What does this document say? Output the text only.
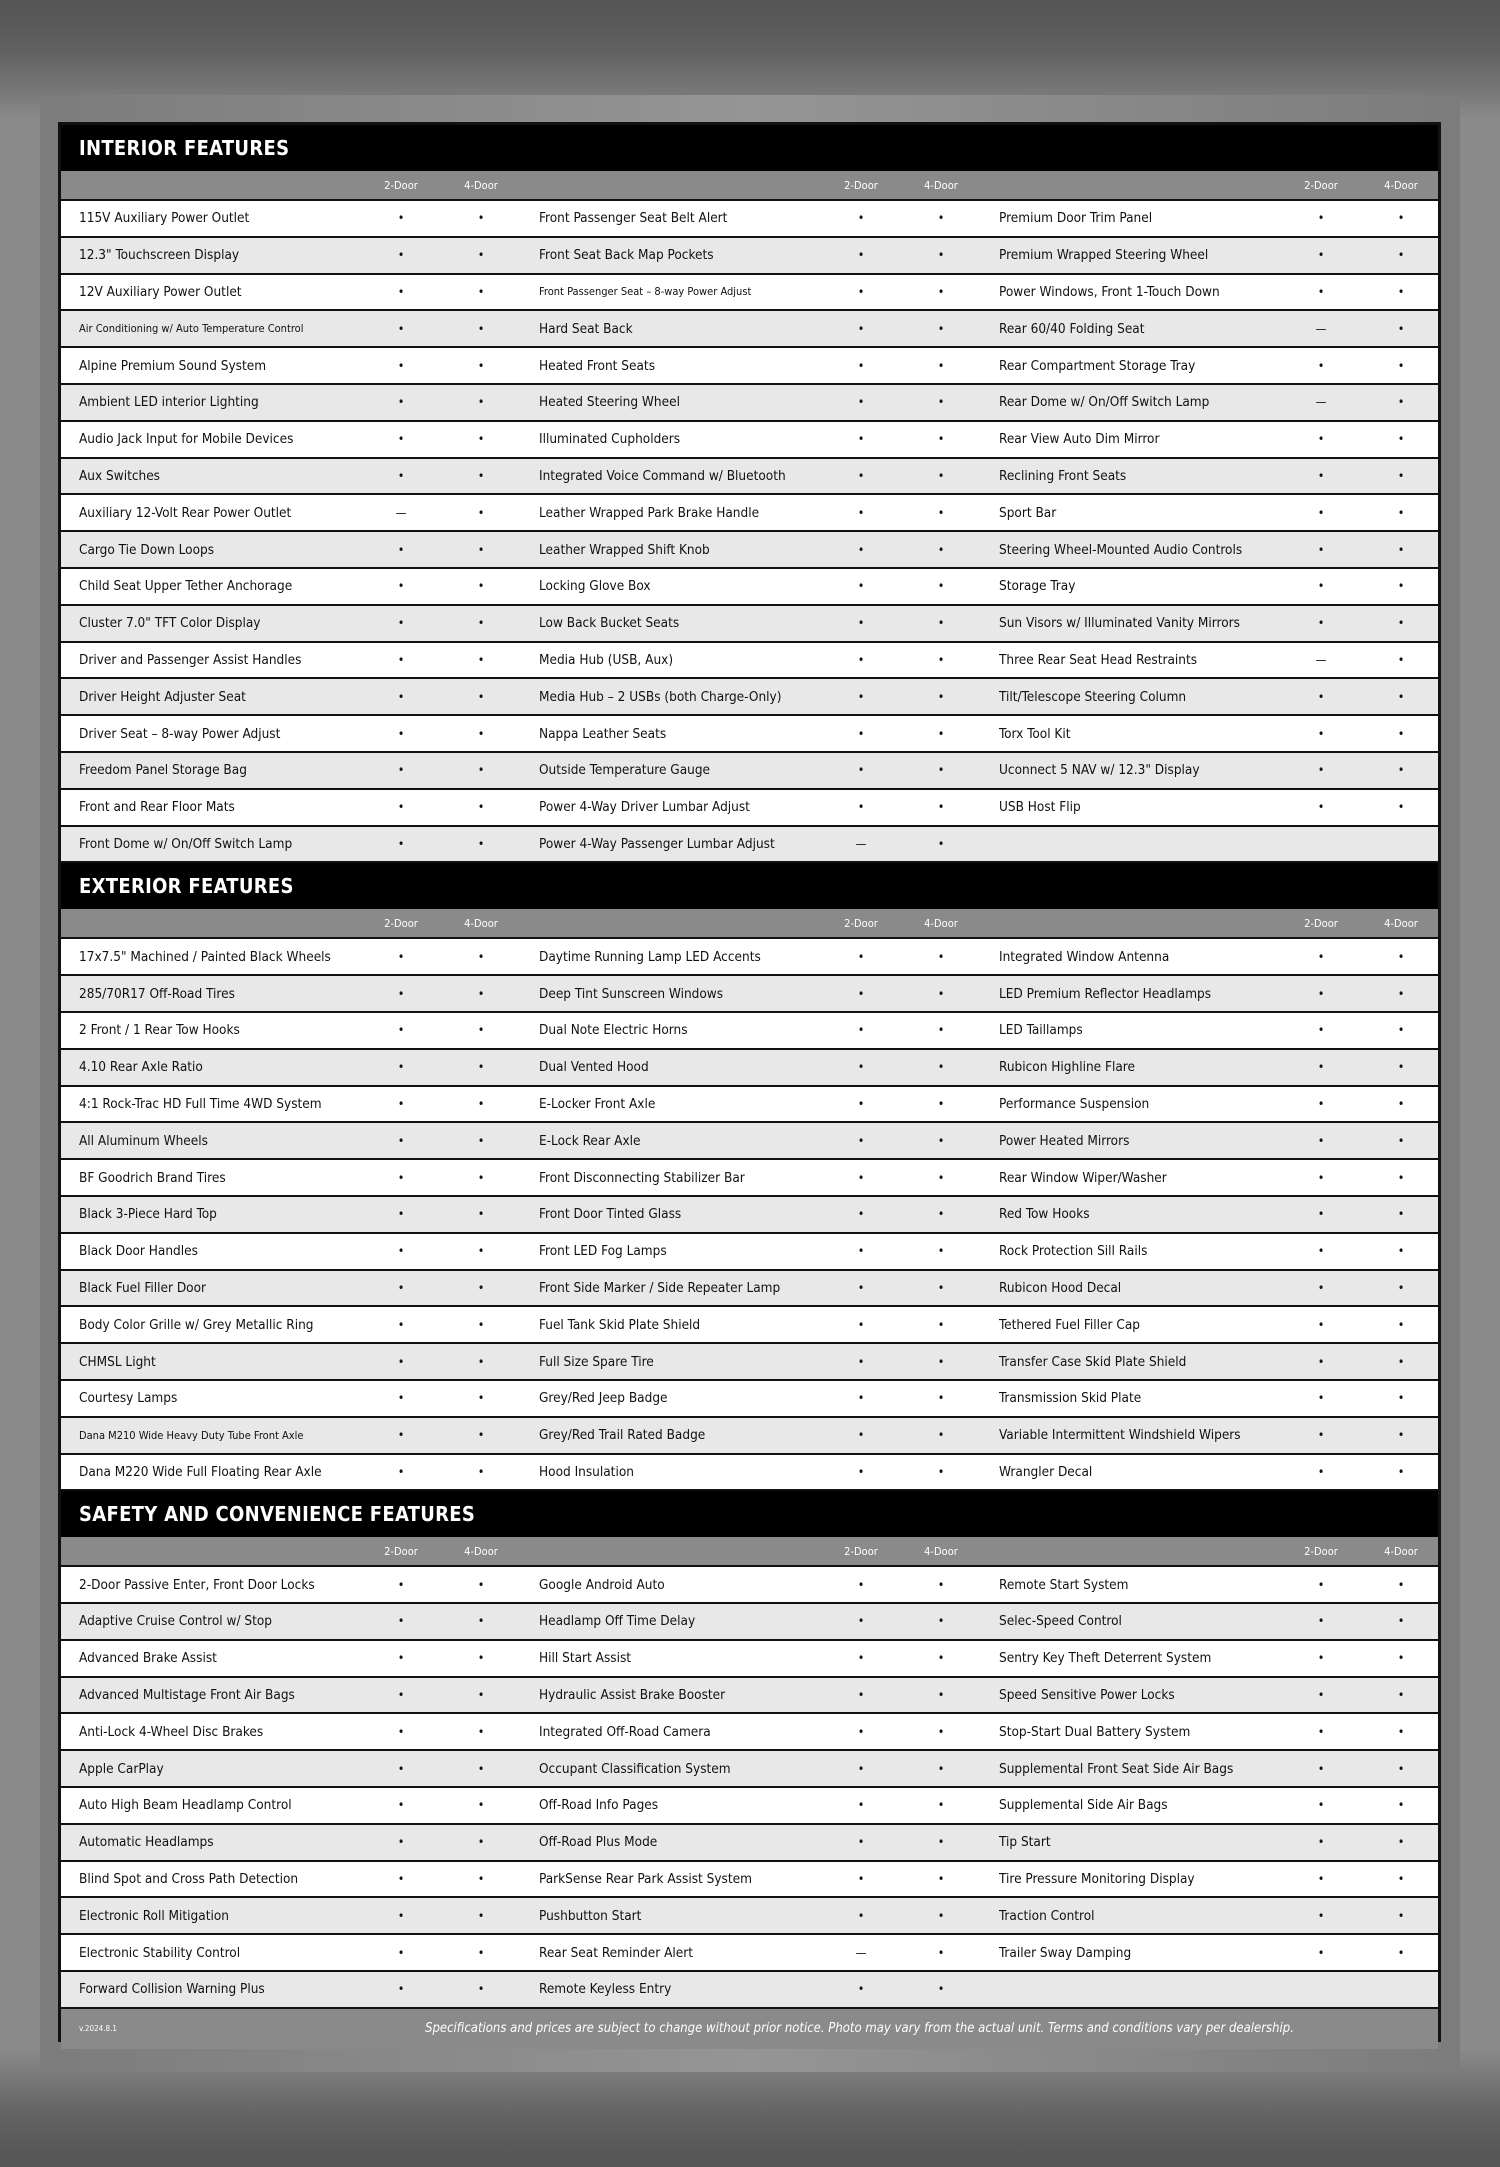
INTERIOR FEATURES
2-Door	4-Door	2-Door	4-Door	2-Door	4-Door
115V Auxiliary Power Outlet	•	•	Front Passenger Seat Belt Alert	•	•	Premium Door Trim Panel	•	•
12.3" Touchscreen Display	•	•	Front Seat Back Map Pockets	•	•	Premium Wrapped Steering Wheel	•	•
12V Auxiliary Power Outlet	•	•	Front Passenger Seat – 8-way Power Adjust	•	•	Power Windows, Front 1-Touch Down	•	•
Air Conditioning w/ Auto Temperature Control	•	•	Hard Seat Back	•	•	Rear 60/40 Folding Seat	—	•
Alpine Premium Sound System	•	•	Heated Front Seats	•	•	Rear Compartment Storage Tray	•	•
Ambient LED interior Lighting	•	•	Heated Steering Wheel	•	•	Rear Dome w/ On/Off Switch Lamp	—	•
Audio Jack Input for Mobile Devices	•	•	Illuminated Cupholders	•	•	Rear View Auto Dim Mirror	•	•
Aux Switches	•	•	Integrated Voice Command w/ Bluetooth	•	•	Reclining Front Seats	•	•
Auxiliary 12-Volt Rear Power Outlet	—	•	Leather Wrapped Park Brake Handle	•	•	Sport Bar	•	•
Cargo Tie Down Loops	•	•	Leather Wrapped Shift Knob	•	•	Steering Wheel-Mounted Audio Controls	•	•
Child Seat Upper Tether Anchorage	•	•	Locking Glove Box	•	•	Storage Tray	•	•
Cluster 7.0" TFT Color Display	•	•	Low Back Bucket Seats	•	•	Sun Visors w/ Illuminated Vanity Mirrors	•	•
Driver and Passenger Assist Handles	•	•	Media Hub (USB, Aux)	•	•	Three Rear Seat Head Restraints	—	•
Driver Height Adjuster Seat	•	•	Media Hub – 2 USBs (both Charge-Only)	•	•	Tilt/Telescope Steering Column	•	•
Driver Seat – 8-way Power Adjust	•	•	Nappa Leather Seats	•	•	Torx Tool Kit	•	•
Freedom Panel Storage Bag	•	•	Outside Temperature Gauge	•	•	Uconnect 5 NAV w/ 12.3" Display	•	•
Front and Rear Floor Mats	•	•	Power 4-Way Driver Lumbar Adjust	•	•	USB Host Flip	•	•
Front Dome w/ On/Off Switch Lamp	•	•	Power 4-Way Passenger Lumbar Adjust	—	•
EXTERIOR FEATURES
2-Door	4-Door	2-Door	4-Door	2-Door	4-Door
17x7.5" Machined / Painted Black Wheels	•	•	Daytime Running Lamp LED Accents	•	•	Integrated Window Antenna	•	•
285/70R17 Off-Road Tires	•	•	Deep Tint Sunscreen Windows	•	•	LED Premium Reflector Headlamps	•	•
2 Front / 1 Rear Tow Hooks	•	•	Dual Note Electric Horns	•	•	LED Taillamps	•	•
4.10 Rear Axle Ratio	•	•	Dual Vented Hood	•	•	Rubicon Highline Flare	•	•
4:1 Rock-Trac HD Full Time 4WD System	•	•	E-Locker Front Axle	•	•	Performance Suspension	•	•
All Aluminum Wheels	•	•	E-Lock Rear Axle	•	•	Power Heated Mirrors	•	•
BF Goodrich Brand Tires	•	•	Front Disconnecting Stabilizer Bar	•	•	Rear Window Wiper/Washer	•	•
Black 3-Piece Hard Top	•	•	Front Door Tinted Glass	•	•	Red Tow Hooks	•	•
Black Door Handles	•	•	Front LED Fog Lamps	•	•	Rock Protection Sill Rails	•	•
Black Fuel Filler Door	•	•	Front Side Marker / Side Repeater Lamp	•	•	Rubicon Hood Decal	•	•
Body Color Grille w/ Grey Metallic Ring	•	•	Fuel Tank Skid Plate Shield	•	•	Tethered Fuel Filler Cap	•	•
CHMSL Light	•	•	Full Size Spare Tire	•	•	Transfer Case Skid Plate Shield	•	•
Courtesy Lamps	•	•	Grey/Red Jeep Badge	•	•	Transmission Skid Plate	•	•
Dana M210 Wide Heavy Duty Tube Front Axle	•	•	Grey/Red Trail Rated Badge	•	•	Variable Intermittent Windshield Wipers	•	•
Dana M220 Wide Full Floating Rear Axle	•	•	Hood Insulation	•	•	Wrangler Decal	•	•
SAFETY AND CONVENIENCE FEATURES
2-Door	4-Door	2-Door	4-Door	2-Door	4-Door
2-Door Passive Enter, Front Door Locks	•	•	Google Android Auto	•	•	Remote Start System	•	•
Adaptive Cruise Control w/ Stop	•	•	Headlamp Off Time Delay	•	•	Selec-Speed Control	•	•
Advanced Brake Assist	•	•	Hill Start Assist	•	•	Sentry Key Theft Deterrent System	•	•
Advanced Multistage Front Air Bags	•	•	Hydraulic Assist Brake Booster	•	•	Speed Sensitive Power Locks	•	•
Anti-Lock 4-Wheel Disc Brakes	•	•	Integrated Off-Road Camera	•	•	Stop-Start Dual Battery System	•	•
Apple CarPlay	•	•	Occupant Classification System	•	•	Supplemental Front Seat Side Air Bags	•	•
Auto High Beam Headlamp Control	•	•	Off-Road Info Pages	•	•	Supplemental Side Air Bags	•	•
Automatic Headlamps	•	•	Off-Road Plus Mode	•	•	Tip Start	•	•
Blind Spot and Cross Path Detection	•	•	ParkSense Rear Park Assist System	•	•	Tire Pressure Monitoring Display	•	•
Electronic Roll Mitigation	•	•	Pushbutton Start	•	•	Traction Control	•	•
Electronic Stability Control	•	•	Rear Seat Reminder Alert	—	•	Trailer Sway Damping	•	•
Forward Collision Warning Plus	•	•	Remote Keyless Entry	•	•
v.2024.8.1	Specifications and prices are subject to change without prior notice. Photo may vary from the actual unit. Terms and conditions vary per dealership.
